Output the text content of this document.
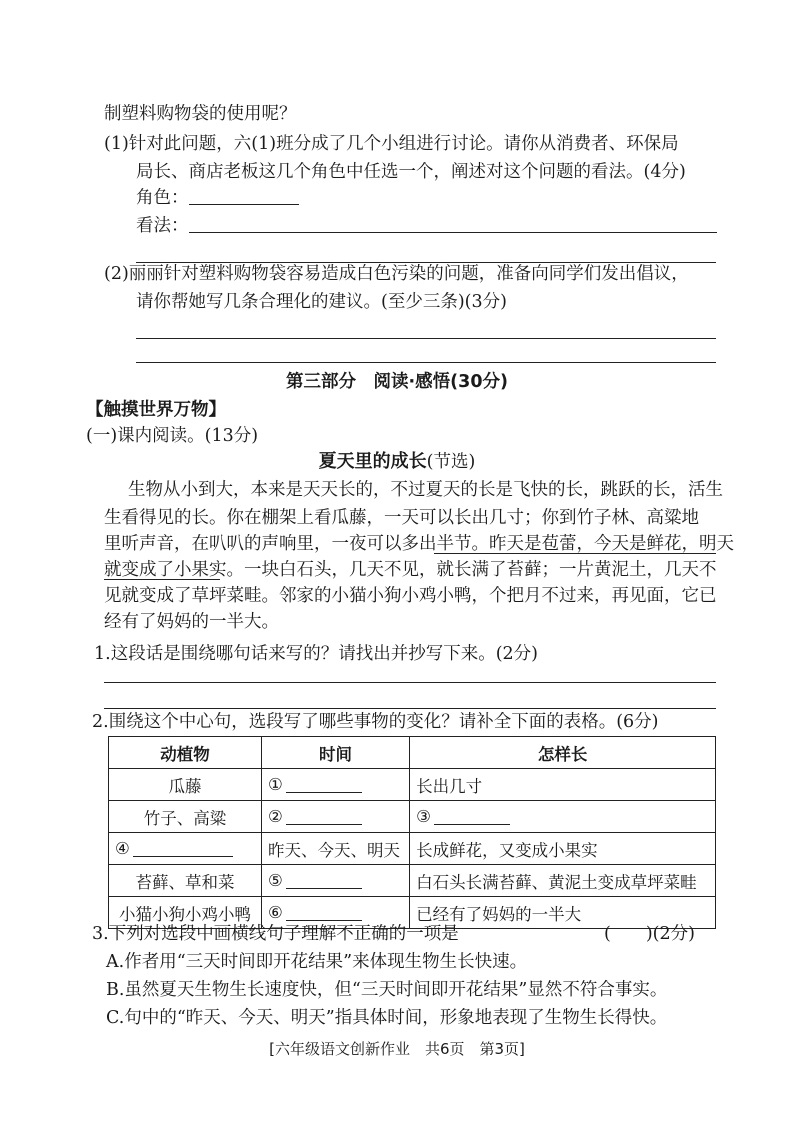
制塑料购物袋的使用呢？
(1)针对此问题，六(1)班分成了几个小组进行讨论。请你从消费者、环保局
局长、商店老板这几个角色中任选一个，阐述对这个问题的看法。(4分)
角色：
看法：
(2)丽丽针对塑料购物袋容易造成白色污染的问题，准备向同学们发出倡议，
请你帮她写几条合理化的建议。(至少三条)(3分)
第三部分　阅读·感悟(30分)
【触摸世界万物】
(一)课内阅读。(13分)
夏天里的成长(节选)
生物从小到大，本来是天天长的，不过夏天的长是飞快的长，跳跃的长，活生
生看得见的长。你在棚架上看瓜藤，一天可以长出几寸；你到竹子林、高粱地
里听声音，在叭叭的声响里，一夜可以多出半节。昨天是苞蕾，今天是鲜花，明天
就变成了小果实。一块白石头，几天不见，就长满了苔藓；一片黄泥土，几天不
见就变成了草坪菜畦。邻家的小猫小狗小鸡小鸭，个把月不过来，再见面，它已
经有了妈妈的一半大。
1.这段话是围绕哪句话来写的？请找出并抄写下来。(2分)
2.围绕这个中心句，选段写了哪些事物的变化？请补全下面的表格。(6分)
动植物	时间	怎样长
瓜藤	①	长出几寸
竹子、高粱	②	③
④	昨天、今天、明天	长成鲜花，又变成小果实
苔藓、草和菜	⑤	白石头长满苔藓、黄泥土变成草坪菜畦
小猫小狗小鸡小鸭	⑥	已经有了妈妈的一半大
3.下列对选段中画横线句子理解不正确的一项是	(　　)(2分)
A.作者用“三天时间即开花结果”来体现生物生长快速。
B.虽然夏天生物生长速度快，但“三天时间即开花结果”显然不符合事实。
C.句中的“昨天、今天、明天”指具体时间，形象地表现了生物生长得快。
[六年级语文创新作业　共6页　第3页]
